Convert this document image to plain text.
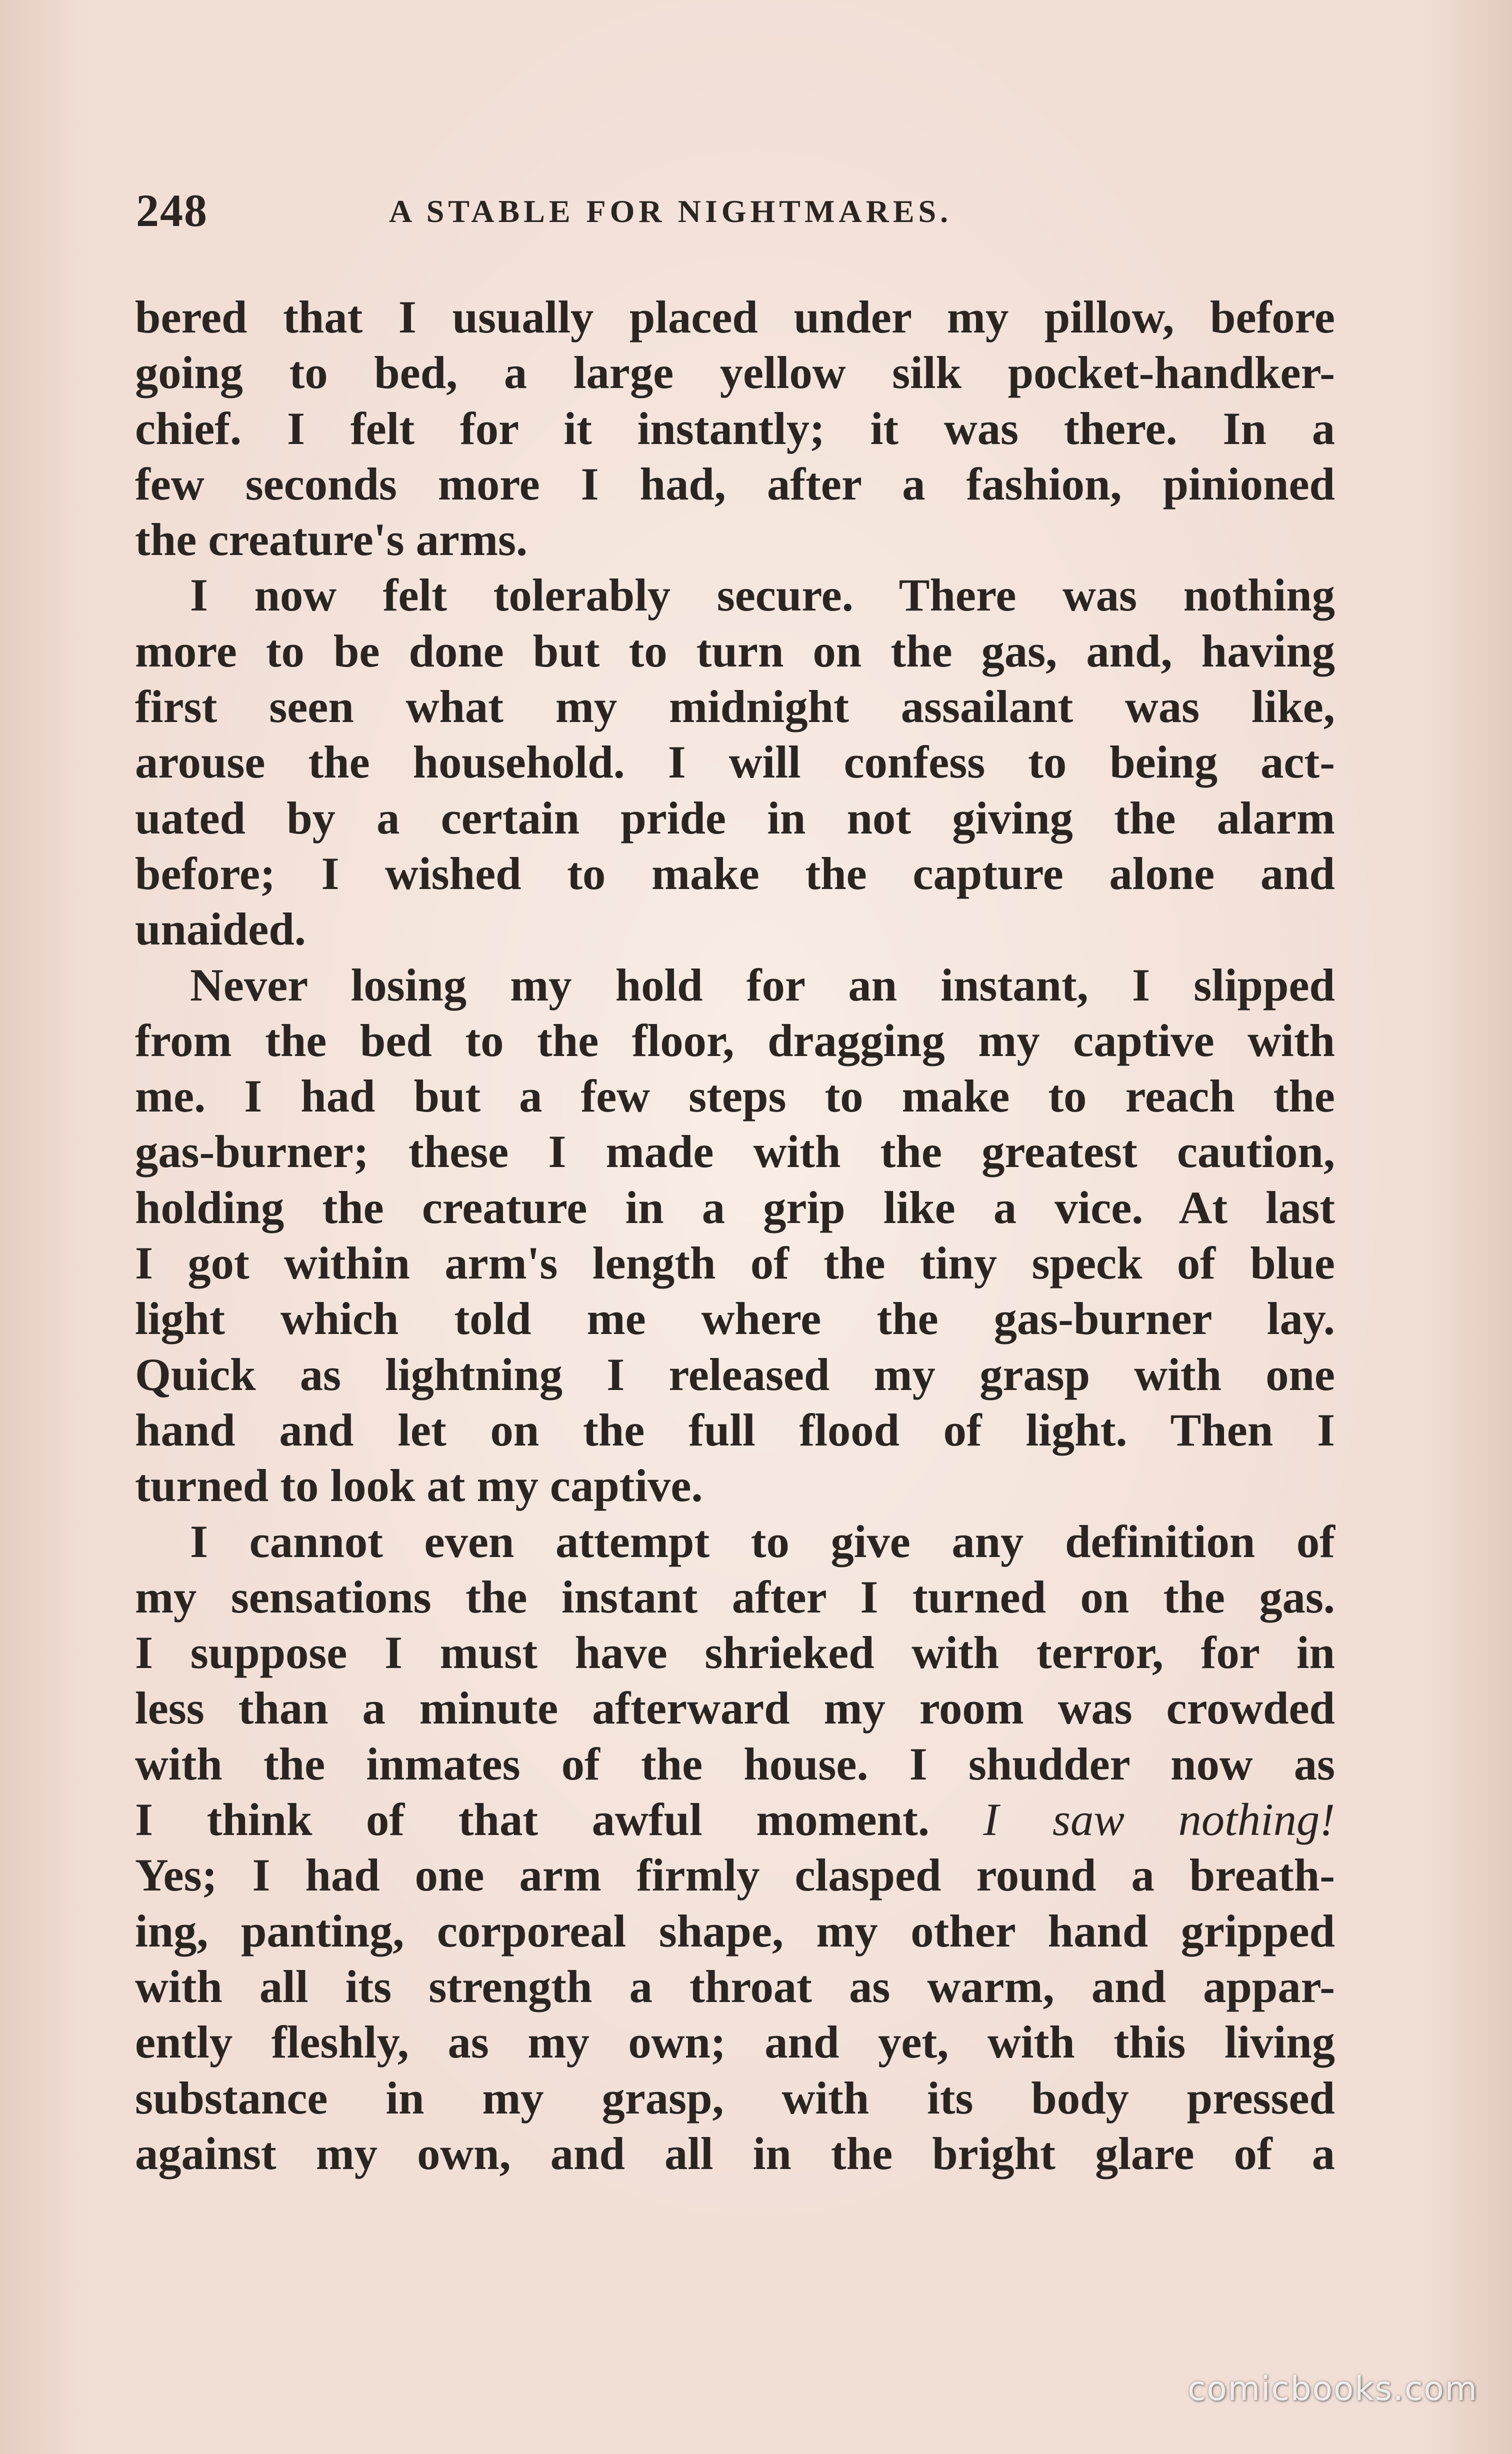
248	A STABLE FOR NIGHTMARES.
bered that I usually placed under my pillow, before
going to bed, a large yellow silk pocket-handker-
chief. I felt for it instantly; it was there. In a
few seconds more I had, after a fashion, pinioned
the creature's arms.
I now felt tolerably secure. There was nothing
more to be done but to turn on the gas, and, having
first seen what my midnight assailant was like,
arouse the household. I will confess to being act-
uated by a certain pride in not giving the alarm
before; I wished to make the capture alone and
unaided.
Never losing my hold for an instant, I slipped
from the bed to the floor, dragging my captive with
me. I had but a few steps to make to reach the
gas-burner; these I made with the greatest caution,
holding the creature in a grip like a vice. At last
I got within arm's length of the tiny speck of blue
light which told me where the gas-burner lay.
Quick as lightning I released my grasp with one
hand and let on the full flood of light. Then I
turned to look at my captive.
I cannot even attempt to give any definition of
my sensations the instant after I turned on the gas.
I suppose I must have shrieked with terror, for in
less than a minute afterward my room was crowded
with the inmates of the house. I shudder now as
I think of that awful moment. I saw nothing!
Yes; I had one arm firmly clasped round a breath-
ing, panting, corporeal shape, my other hand gripped
with all its strength a throat as warm, and appar-
ently fleshly, as my own; and yet, with this living
substance in my grasp, with its body pressed
against my own, and all in the bright glare of a
comicbooks.com
